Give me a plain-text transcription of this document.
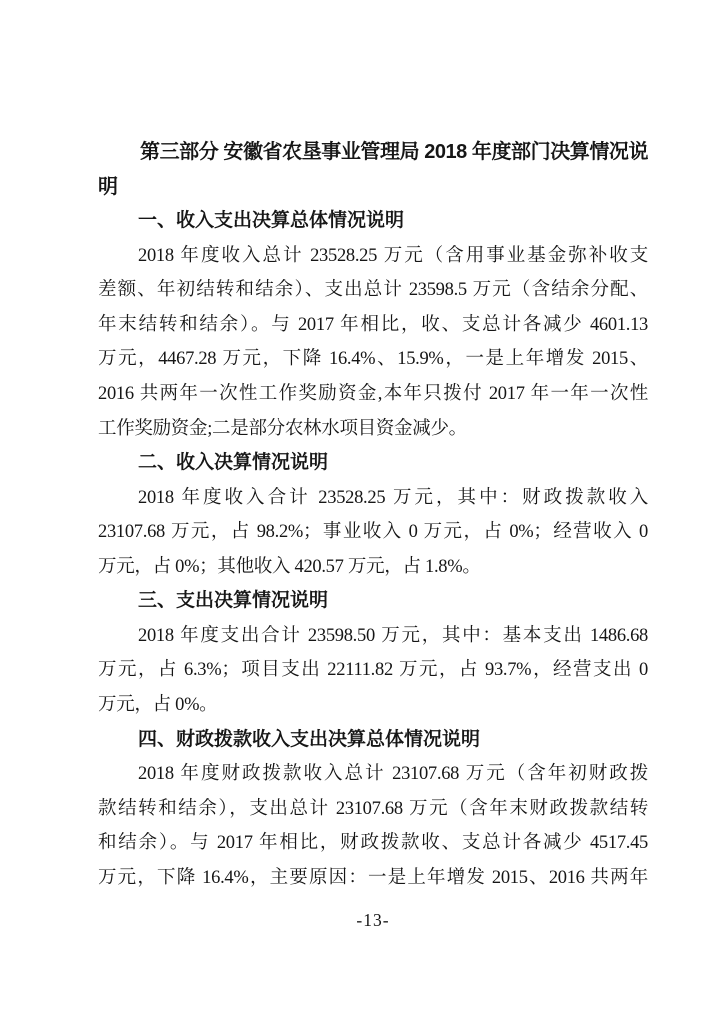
第三部分 安徽省农垦事业管理局 2018 年度部门决算情况说
明
一、收入支出决算总体情况说明
2018 年度收入总计 23528.25 万元（含用事业基金弥补收支
差额、年初结转和结余）、支出总计 23598.5 万元（含结余分配、
年末结转和结余）。与 2017 年相比，收、支总计各减少 4601.13
万元，4467.28 万元，下降 16.4%、15.9%，一是上年增发 2015、
2016 共两年一次性工作奖励资金,本年只拨付 2017 年一年一次性
工作奖励资金;二是部分农林水项目资金减少。
二、收入决算情况说明
2018 年度收入合计 23528.25 万元，其中：财政拨款收入
23107.68 万元，占 98.2%；事业收入 0 万元，占 0%；经营收入 0
万元，占 0%；其他收入 420.57 万元，占 1.8%。
三、支出决算情况说明
2018 年度支出合计 23598.50 万元，其中：基本支出 1486.68
万元，占 6.3%；项目支出 22111.82 万元，占 93.7%，经营支出 0
万元，占 0%。
四、财政拨款收入支出决算总体情况说明
2018 年度财政拨款收入总计 23107.68 万元（含年初财政拨
款结转和结余），支出总计 23107.68 万元（含年末财政拨款结转
和结余）。与 2017 年相比，财政拨款收、支总计各减少 4517.45
万元，下降 16.4%，主要原因：一是上年增发 2015、2016 共两年
-13-
